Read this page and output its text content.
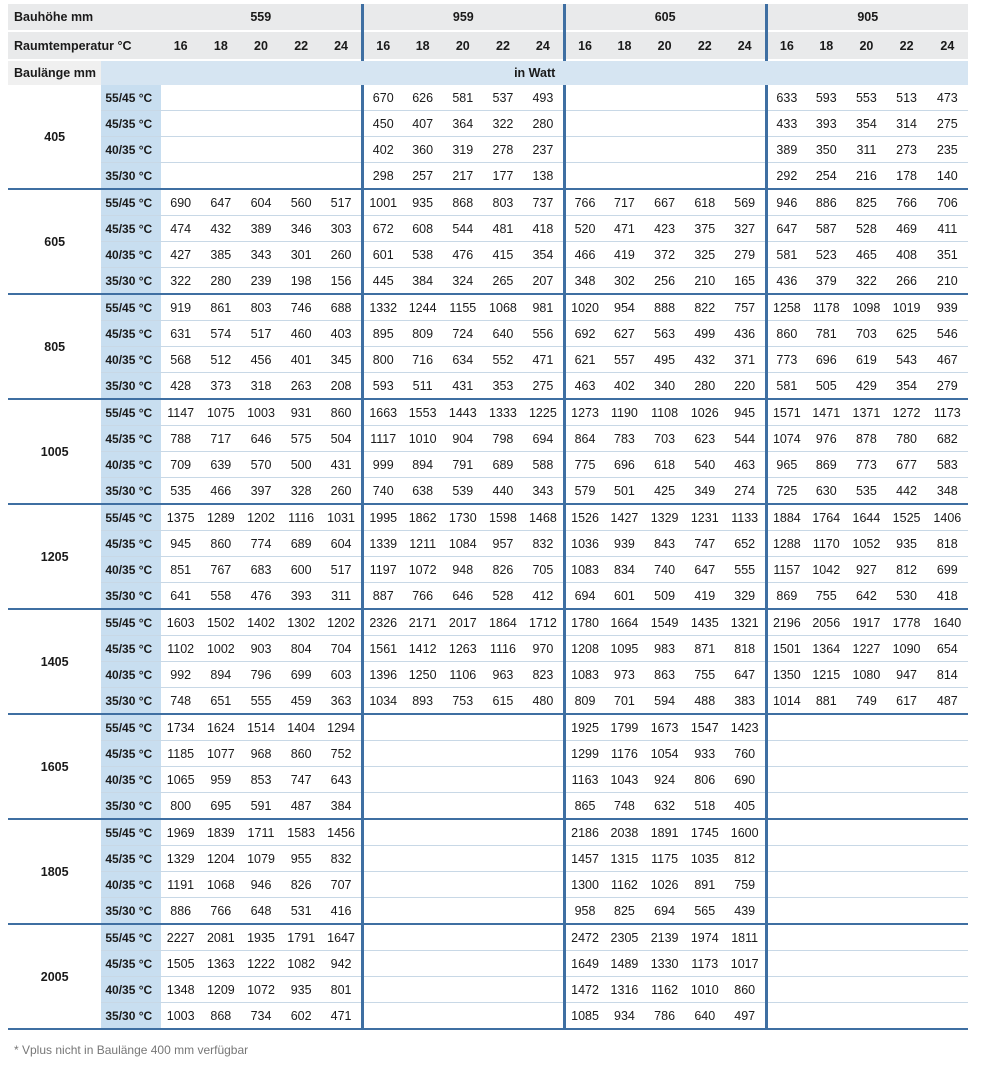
Bauhöhe mm		559					959					605					905				
Raumtemperatur °C		16	18	20	22	24	16	18	20	22	24	16	18	20	22	24	16	18	20	22	24
Baulänge mm	in Watt																				
405	55/45 °C						670	626	581	537	493						633	593	553	513	473
	45/35 °C						450	407	364	322	280						433	393	354	314	275
	40/35 °C						402	360	319	278	237						389	350	311	273	235
	35/30 °C						298	257	217	177	138						292	254	216	178	140
605	55/45 °C	690	647	604	560	517	1001	935	868	803	737	766	717	667	618	569	946	886	825	766	706
	45/35 °C	474	432	389	346	303	672	608	544	481	418	520	471	423	375	327	647	587	528	469	411
	40/35 °C	427	385	343	301	260	601	538	476	415	354	466	419	372	325	279	581	523	465	408	351
	35/30 °C	322	280	239	198	156	445	384	324	265	207	348	302	256	210	165	436	379	322	266	210
805	55/45 °C	919	861	803	746	688	1332	1244	1155	1068	981	1020	954	888	822	757	1258	1178	1098	1019	939
	45/35 °C	631	574	517	460	403	895	809	724	640	556	692	627	563	499	436	860	781	703	625	546
	40/35 °C	568	512	456	401	345	800	716	634	552	471	621	557	495	432	371	773	696	619	543	467
	35/30 °C	428	373	318	263	208	593	511	431	353	275	463	402	340	280	220	581	505	429	354	279
1005	55/45 °C	1147	1075	1003	931	860	1663	1553	1443	1333	1225	1273	1190	1108	1026	945	1571	1471	1371	1272	1173
	45/35 °C	788	717	646	575	504	1117	1010	904	798	694	864	783	703	623	544	1074	976	878	780	682
	40/35 °C	709	639	570	500	431	999	894	791	689	588	775	696	618	540	463	965	869	773	677	583
	35/30 °C	535	466	397	328	260	740	638	539	440	343	579	501	425	349	274	725	630	535	442	348
1205	55/45 °C	1375	1289	1202	1116	1031	1995	1862	1730	1598	1468	1526	1427	1329	1231	1133	1884	1764	1644	1525	1406
	45/35 °C	945	860	774	689	604	1339	1211	1084	957	832	1036	939	843	747	652	1288	1170	1052	935	818
	40/35 °C	851	767	683	600	517	1197	1072	948	826	705	1083	834	740	647	555	1157	1042	927	812	699
	35/30 °C	641	558	476	393	311	887	766	646	528	412	694	601	509	419	329	869	755	642	530	418
1405	55/45 °C	1603	1502	1402	1302	1202	2326	2171	2017	1864	1712	1780	1664	1549	1435	1321	2196	2056	1917	1778	1640
	45/35 °C	1102	1002	903	804	704	1561	1412	1263	1116	970	1208	1095	983	871	818	1501	1364	1227	1090	654
	40/35 °C	992	894	796	699	603	1396	1250	1106	963	823	1083	973	863	755	647	1350	1215	1080	947	814
	35/30 °C	748	651	555	459	363	1034	893	753	615	480	809	701	594	488	383	1014	881	749	617	487
1605	55/45 °C	1734	1624	1514	1404	1294						1925	1799	1673	1547	1423					
	45/35 °C	1185	1077	968	860	752						1299	1176	1054	933	760					
	40/35 °C	1065	959	853	747	643						1163	1043	924	806	690					
	35/30 °C	800	695	591	487	384						865	748	632	518	405					
1805	55/45 °C	1969	1839	1711	1583	1456						2186	2038	1891	1745	1600					
	45/35 °C	1329	1204	1079	955	832						1457	1315	1175	1035	812					
	40/35 °C	1191	1068	946	826	707						1300	1162	1026	891	759					
	35/30 °C	886	766	648	531	416						958	825	694	565	439					
2005	55/45 °C	2227	2081	1935	1791	1647						2472	2305	2139	1974	1811					
	45/35 °C	1505	1363	1222	1082	942						1649	1489	1330	1173	1017					
	40/35 °C	1348	1209	1072	935	801						1472	1316	1162	1010	860					
	35/30 °C	1003	868	734	602	471						1085	934	786	640	497					
* Vplus nicht in Baulänge 400 mm verfügbar
